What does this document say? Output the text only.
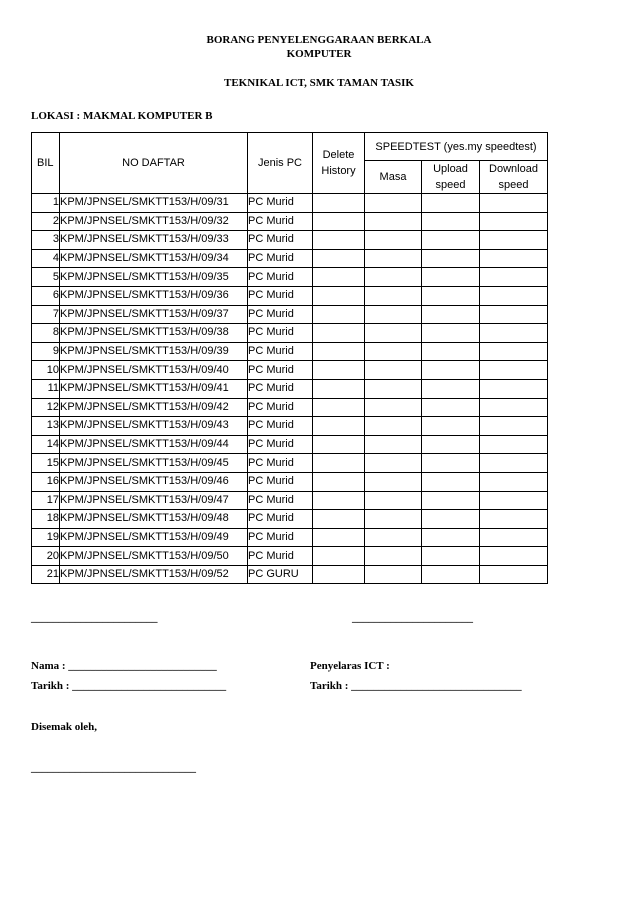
BORANG PENYELENGGARAAN BERKALA
KOMPUTER
TEKNIKAL ICT, SMK TAMAN TASIK
LOKASI : MAKMAL KOMPUTER B
BIL	NO DAFTAR	Jenis PC	Delete History	SPEEDTEST (yes.my speedtest)		
				Masa	Upload speed	Download speed
1	KPM/JPNSEL/SMKTT153/H/09/31	PC Murid				
2	KPM/JPNSEL/SMKTT153/H/09/32	PC Murid				
3	KPM/JPNSEL/SMKTT153/H/09/33	PC Murid				
4	KPM/JPNSEL/SMKTT153/H/09/34	PC Murid				
5	KPM/JPNSEL/SMKTT153/H/09/35	PC Murid				
6	KPM/JPNSEL/SMKTT153/H/09/36	PC Murid				
7	KPM/JPNSEL/SMKTT153/H/09/37	PC Murid				
8	KPM/JPNSEL/SMKTT153/H/09/38	PC Murid				
9	KPM/JPNSEL/SMKTT153/H/09/39	PC Murid				
10	KPM/JPNSEL/SMKTT153/H/09/40	PC Murid				
11	KPM/JPNSEL/SMKTT153/H/09/41	PC Murid				
12	KPM/JPNSEL/SMKTT153/H/09/42	PC Murid				
13	KPM/JPNSEL/SMKTT153/H/09/43	PC Murid				
14	KPM/JPNSEL/SMKTT153/H/09/44	PC Murid				
15	KPM/JPNSEL/SMKTT153/H/09/45	PC Murid				
16	KPM/JPNSEL/SMKTT153/H/09/46	PC Murid				
17	KPM/JPNSEL/SMKTT153/H/09/47	PC Murid				
18	KPM/JPNSEL/SMKTT153/H/09/48	PC Murid				
19	KPM/JPNSEL/SMKTT153/H/09/49	PC Murid				
20	KPM/JPNSEL/SMKTT153/H/09/50	PC Murid				
21	KPM/JPNSEL/SMKTT153/H/09/52	PC GURU				
_______________________	______________________
Nama : ___________________________	Penyelaras ICT :
Tarikh : ____________________________	Tarikh : _______________________________
Disemak oleh,
______________________________
